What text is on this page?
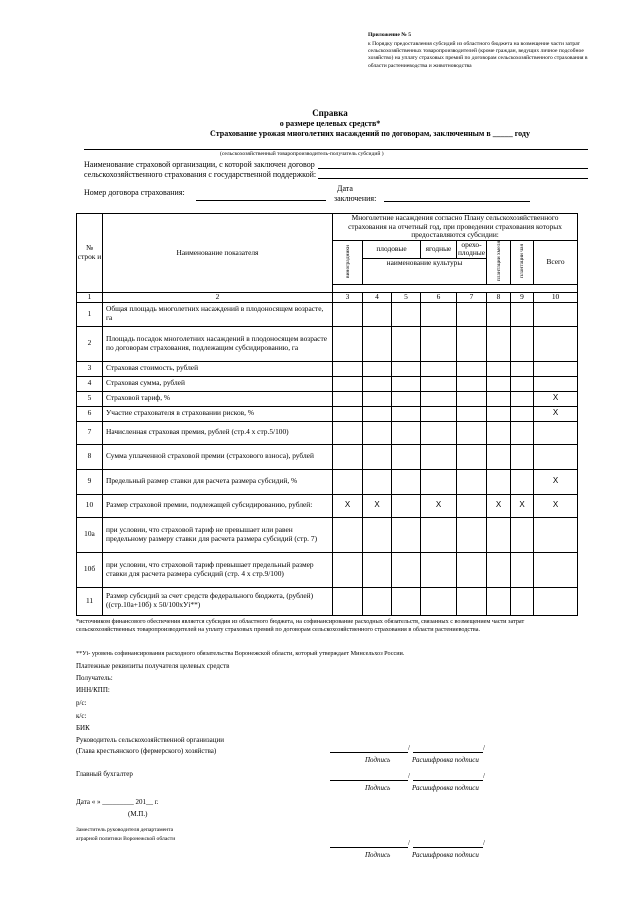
Приложение № 5
к Порядку предоставления субсидий из областного бюджета на возмещение части затрат сельскохозяйственных товаропроизводителей (кроме граждан, ведущих личное подсобное хозяйство) на уплату страховых премий по договорам сельскохозяйственного страхования в области растениеводства и животноводства
Справка
о размере целевых средств*
Страхование урожая многолетних насаждений по договорам, заключенным в _____ году
(сельскохозяйственный товаропроизводитель-получатель субсидий )
Наименование страховой организации, с которой заключен договор сельскохозяйственного страхования с государственной поддержкой:
Номер договора страхования:	Дата
заключения:
№ строк и	Наименование показателя	Многолетние насаждения согласно Плану сельскохозяйственного страхования на отчетный год, при проведении страхования которых предоставляются субсидии:							
		виноградники	плодовые		ягодные	орехо- плодные	плантации хмеля	плантации чая	Всего
			наименование культуры						

1	2	3	4	5	6	7	8	9	10
1	Общая площадь многолетних насаждений в плодоносящем возрасте, га								
2	Площадь посадок многолетних насаждений в плодоносящем возрасте по договорам страхования, подлежащим субсидированию, га								
3	Страховая стоимость, рублей								
4	Страховая сумма, рублей								
5	Страховой тариф, %								X
6	Участие страхователя в страховании рисков, %								X
7	Начисленная страховая премия, рублей (стр.4 х стр.5/100)								
8	Сумма уплаченной страховой премии (страхового взноса), рублей								
9	Предельный размер ставки для расчета размера субсидий, %								X
10	Размер страховой премии, подлежащей субсидированию, рублей:	X	X		X		X	X	X
10а	при условии, что страховой тариф не превышает или равен предельному размеру ставки для расчета размера субсидий (стр. 7)								
10б	при условии, что страховой тариф превышает предельный размер ставки для расчета размера субсидий (стр. 4 х стр.9/100)								
11	Размер субсидий за счет средств федерального бюджета, (рублей) ((стр.10а+10б) х 50/100хУi**)								
*источником финансового обеспечения является субсидия из областного бюджета, на софинансирование расходных обязательств, связанных с возмещением части затрат сельскохозяйственных товаропроизводителей на уплату страховых премий по договорам сельскохозяйственного страхования в области растениеводства.
**Уi- уровень софинансирования расходного обязательства Воронежской области, который утверждает Минсельхоз России.
Платежные реквизиты получателя целевых средств
Получатель:
ИНН/КПП:
р/с:
к/с:
БИК
Руководитель сельскохозяйственной организации
(Глава крестьянского (фермерского) хозяйства)	/	/
Подпись	Расшифровка подписи
Главный бухгалтер	/	/
Подпись	Расшифровка подписи
Дата « » _________ 201__ г.
(М.П.)
Заместитель руководителя департамента
аграрной политики Воронежской области	/	/
Подпись	Расшифровка подписи
